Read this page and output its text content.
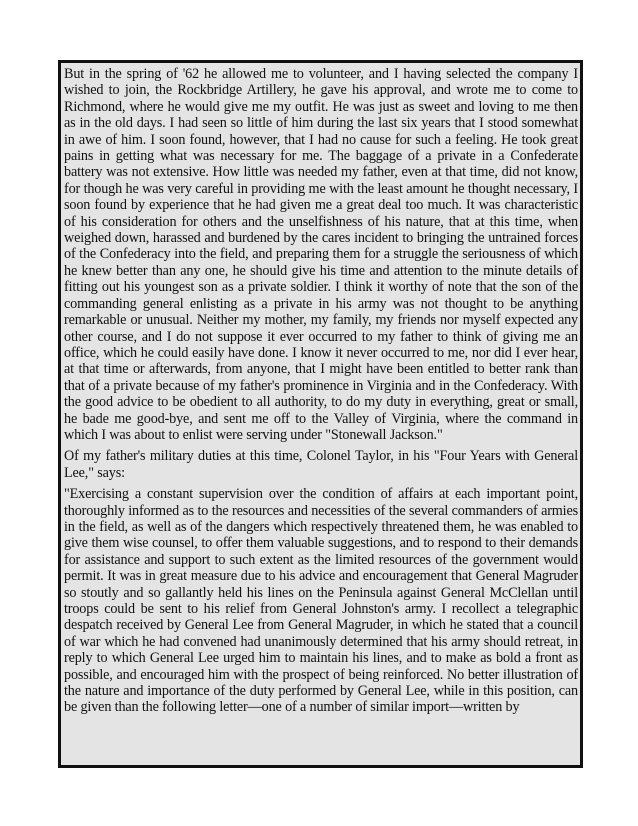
But in the spring of '62 he allowed me to volunteer, and I having selected the company I wished to join, the Rockbridge Artillery, he gave his approval, and wrote me to come to Richmond, where he would give me my outfit. He was just as sweet and loving to me then as in the old days. I had seen so little of him during the last six years that I stood somewhat in awe of him. I soon found, however, that I had no cause for such a feeling. He took great pains in getting what was necessary for me. The baggage of a private in a Confederate battery was not extensive. How little was needed my father, even at that time, did not know, for though he was very careful in providing me with the least amount he thought necessary, I soon found by experience that he had given me a great deal too much. It was characteristic of his consideration for others and the unselfishness of his nature, that at this time, when weighed down, harassed and burdened by the cares incident to bringing the untrained forces of the Confederacy into the field, and preparing them for a struggle the seriousness of which he knew better than any one, he should give his time and attention to the minute details of fitting out his youngest son as a private soldier. I think it worthy of note that the son of the commanding general enlisting as a private in his army was not thought to be anything remarkable or unusual. Neither my mother, my family, my friends nor myself expected any other course, and I do not suppose it ever occurred to my father to think of giving me an office, which he could easily have done. I know it never occurred to me, nor did I ever hear, at that time or afterwards, from anyone, that I might have been entitled to better rank than that of a private because of my father's prominence in Virginia and in the Confederacy. With the good advice to be obedient to all authority, to do my duty in everything, great or small, he bade me good-bye, and sent me off to the Valley of Virginia, where the command in which I was about to enlist were serving under "Stonewall Jackson."

Of my father's military duties at this time, Colonel Taylor, in his "Four Years with General Lee," says:

"Exercising a constant supervision over the condition of affairs at each important point, thoroughly informed as to the resources and necessities of the several commanders of armies in the field, as well as of the dangers which respectively threatened them, he was enabled to give them wise counsel, to offer them valuable suggestions, and to respond to their demands for assistance and support to such extent as the limited resources of the government would permit. It was in great measure due to his advice and encouragement that General Magruder so stoutly and so gallantly held his lines on the Peninsula against General McClellan until troops could be sent to his relief from General Johnston's army. I recollect a telegraphic despatch received by General Lee from General Magruder, in which he stated that a council of war which he had convened had unanimously determined that his army should retreat, in reply to which General Lee urged him to maintain his lines, and to make as bold a front as possible, and encouraged him with the prospect of being reinforced. No better illustration of the nature and importance of the duty performed by General Lee, while in this position, can be given than the following letter—one of a number of similar import—written by
